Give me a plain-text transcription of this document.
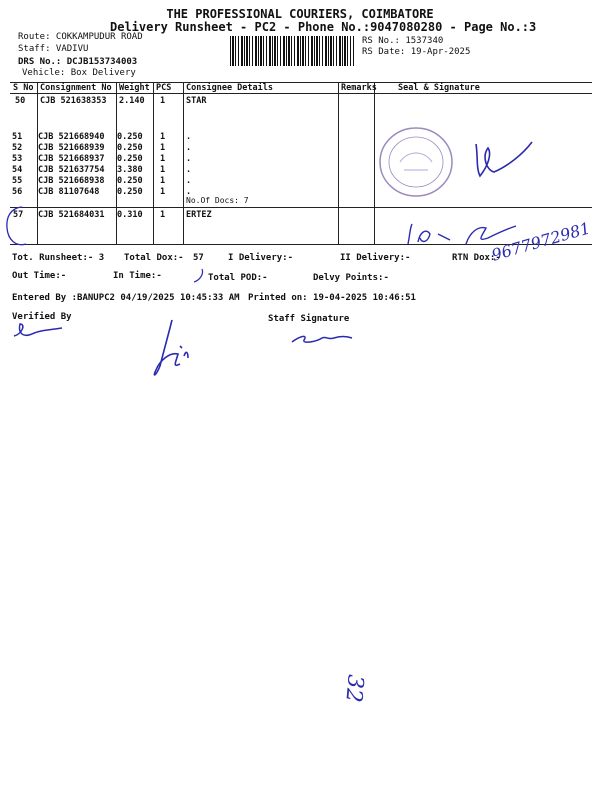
THE PROFESSIONAL COURIERS, COIMBATORE
Delivery Runsheet - PC2 - Phone No.:9047080280 - Page No.:3
Route: COKKAMPUDUR ROAD
Staff: VADIVU
DRS No.: DCJB153734003
Vehicle: Box Delivery
RS No.: 1537340
RS Date: 19-Apr-2025
S No Consignment No Weight PCS Consignee Details	Remarks Seal & Signature
50 CJB 521638353 2.140 1 STAR
51 CJB 521668940 0.250 1 .
52 CJB 521668939 0.250 1 .
53 CJB 521668937 0.250 1 .
54 CJB 521637754 3.380 1 .
55 CJB 521668938 0.250 1 .
56 CJB 81107648 0.250 1 .
No.Of Docs: 7
57 CJB 521684031 0.310 1 ERTEZ
9677972981
Tot. Runsheet:- 3 Total Dox:- 57	I Delivery:-	II Delivery:-	RTN Dox:-
Out Time:-	In Time:-	Total POD:-	Delvy Points:-
Entered By :BANUPC2 04/19/2025 10:45:33 AM Printed on: 19-04-2025 10:46:51
Verified By	Staff Signature
32
